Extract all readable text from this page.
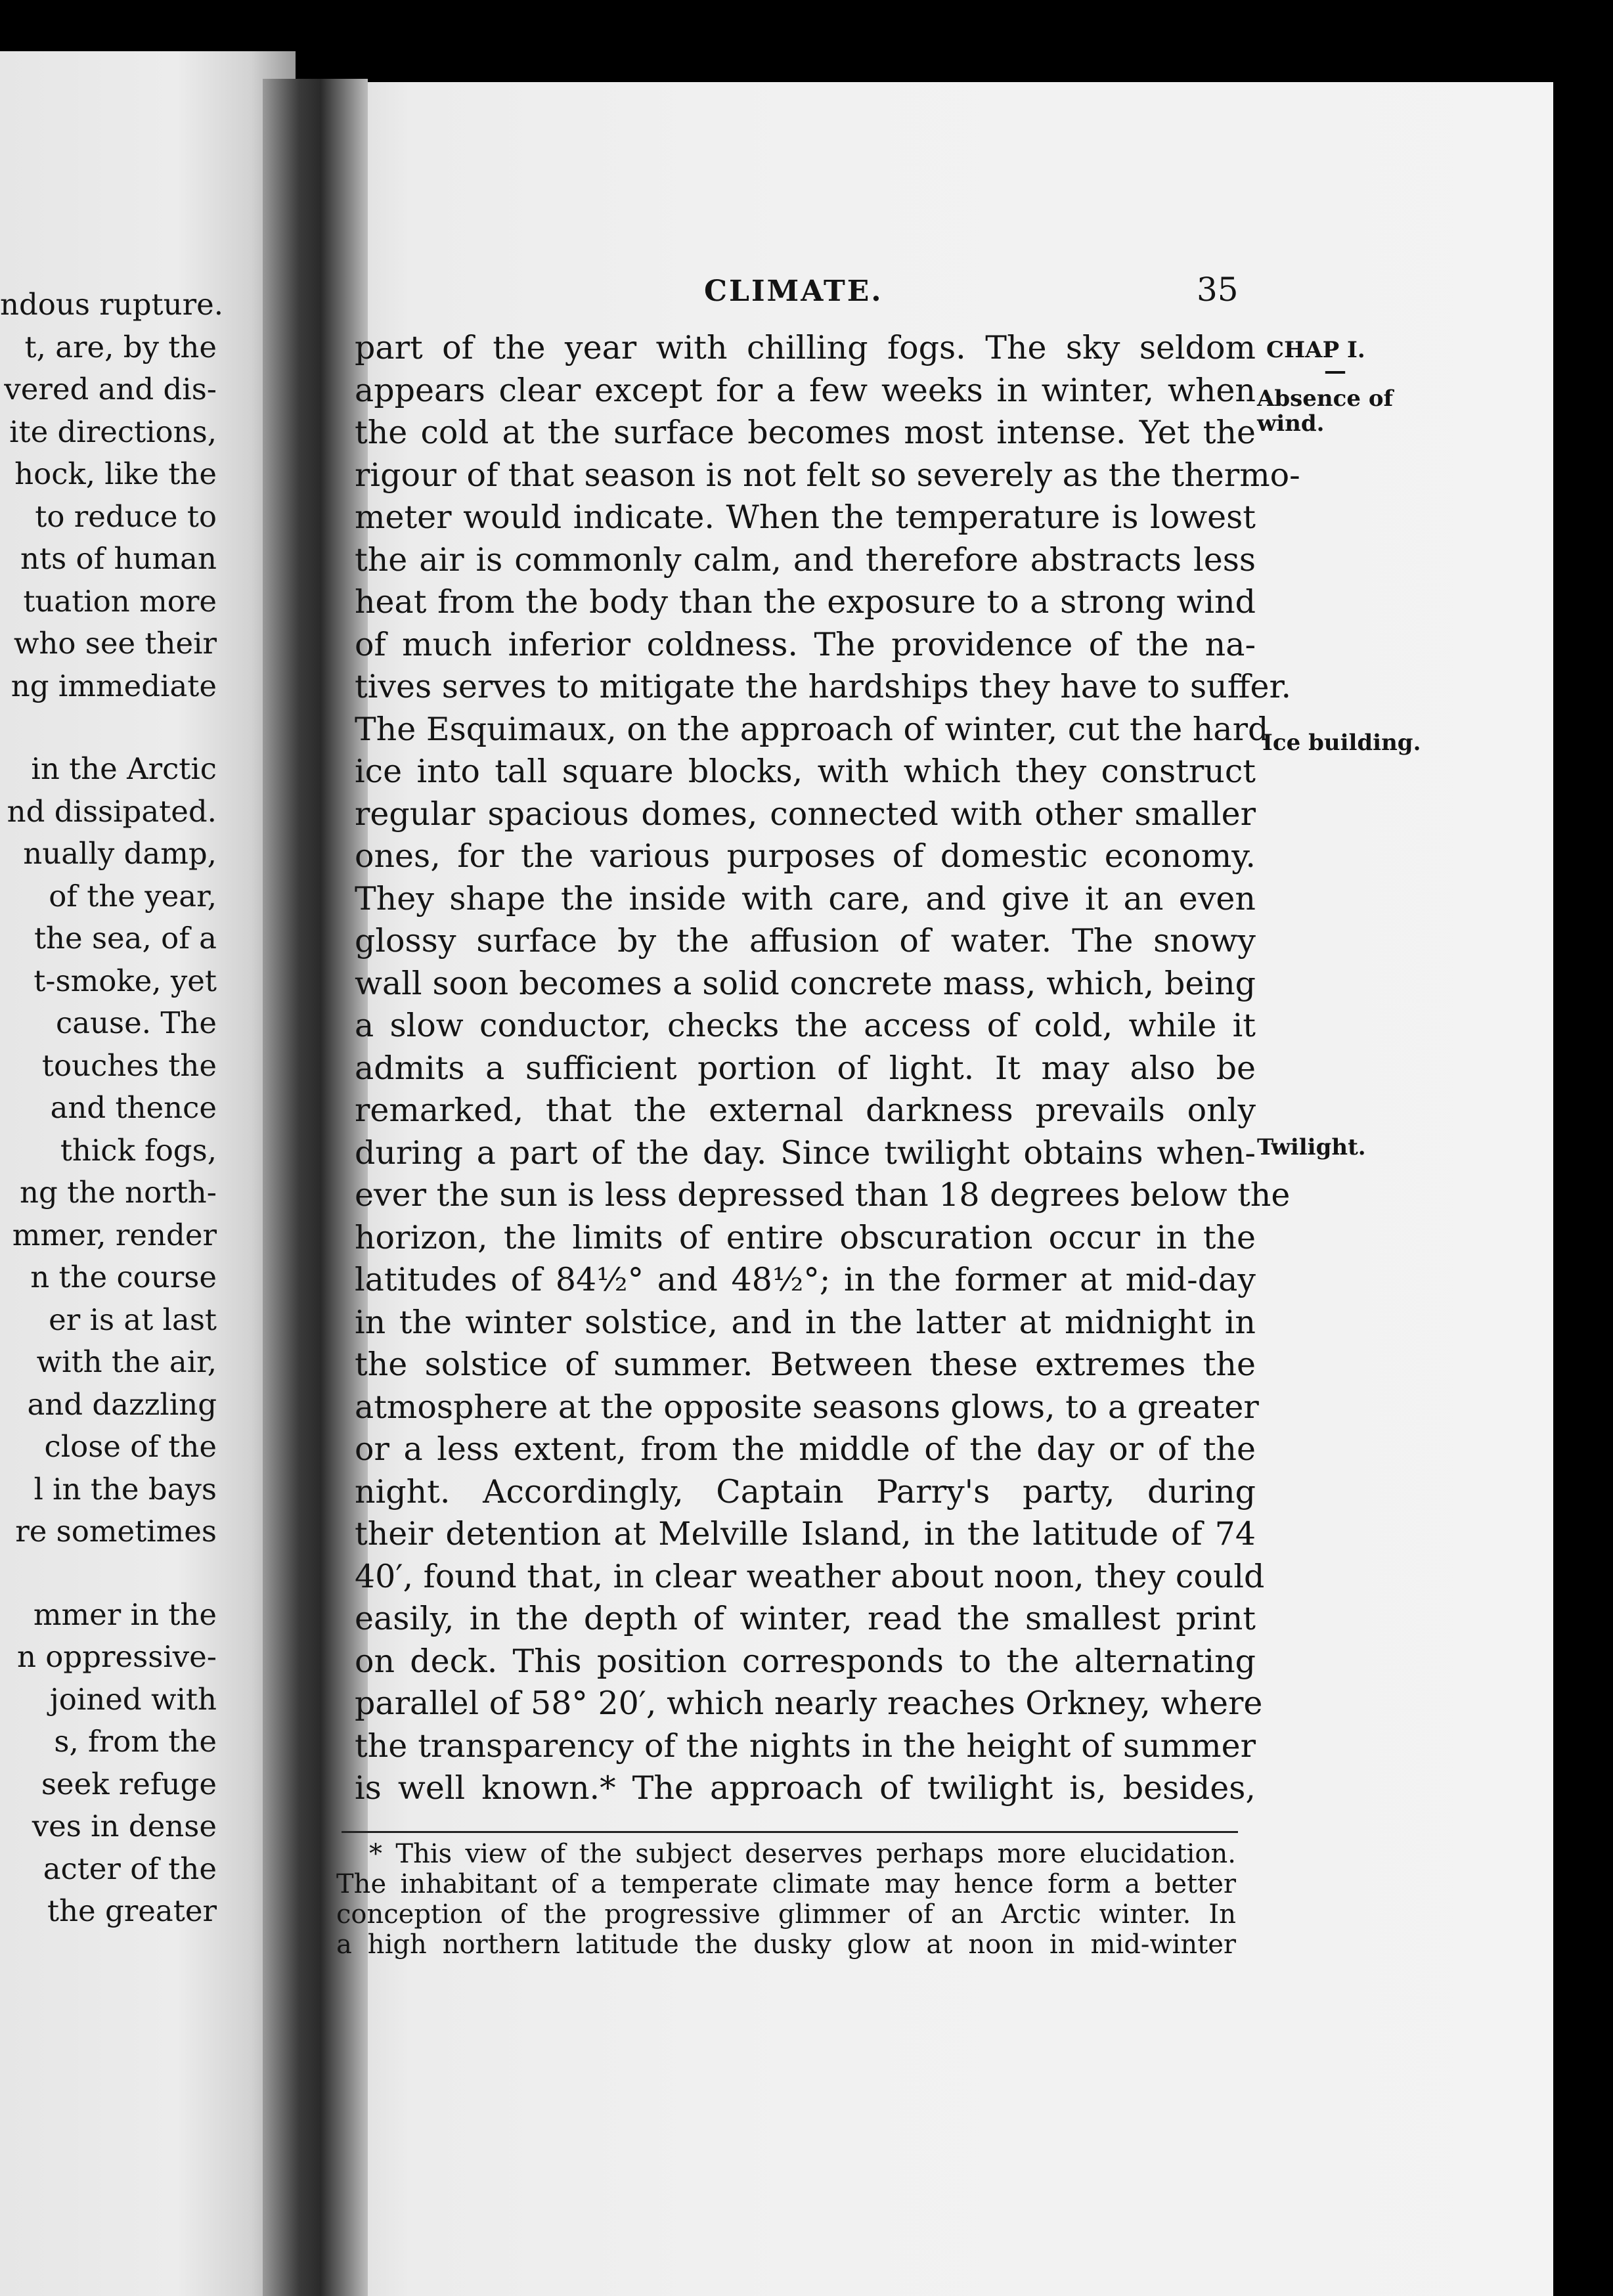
ndous rupture.
t, are, by the
vered and dis-
ite directions,
hock, like the
to reduce to
nts of human
tuation more
who see their
ng immediate
in the Arctic
nd dissipated.
nually damp,
of the year,
the sea, of a
t-smoke, yet
cause. The
touches the
and thence
thick fogs,
ng the north-
mmer, render
n the course
er is at last
with the air,
and dazzling
close of the
l in the bays
re sometimes
mmer in the
n oppressive-
joined with
s, from the
seek refuge
ves in dense
acter of the
the greater
CLIMATE.	35
part of the year with chilling fogs. The sky seldom
appears clear except for a few weeks in winter, when
the cold at the surface becomes most intense. Yet the
rigour of that season is not felt so severely as the thermo-
meter would indicate. When the temperature is lowest
the air is commonly calm, and therefore abstracts less
heat from the body than the exposure to a strong wind
of much inferior coldness. The providence of the na-
tives serves to mitigate the hardships they have to suffer.
The Esquimaux, on the approach of winter, cut the hard
ice into tall square blocks, with which they construct
regular spacious domes, connected with other smaller
ones, for the various purposes of domestic economy.
They shape the inside with care, and give it an even
glossy surface by the affusion of water. The snowy
wall soon becomes a solid concrete mass, which, being
a slow conductor, checks the access of cold, while it
admits a sufficient portion of light. It may also be
remarked, that the external darkness prevails only
during a part of the day. Since twilight obtains when-
ever the sun is less depressed than 18 degrees below the
horizon, the limits of entire obscuration occur in the
latitudes of 84½° and 48½°; in the former at mid-day
in the winter solstice, and in the latter at midnight in
the solstice of summer. Between these extremes the
atmosphere at the opposite seasons glows, to a greater
or a less extent, from the middle of the day or of the
night. Accordingly, Captain Parry's party, during
their detention at Melville Island, in the latitude of 74
40′, found that, in clear weather about noon, they could
easily, in the depth of winter, read the smallest print
on deck. This position corresponds to the alternating
parallel of 58° 20′, which nearly reaches Orkney, where
the transparency of the nights in the height of summer
is well known.* The approach of twilight is, besides,
CHAP I.
—
Absence of
wind.
Ice building.
Twilight.
* This view of the subject deserves perhaps more elucidation.
The inhabitant of a temperate climate may hence form a better
conception of the progressive glimmer of an Arctic winter. In
a high northern latitude the dusky glow at noon in mid-winter
